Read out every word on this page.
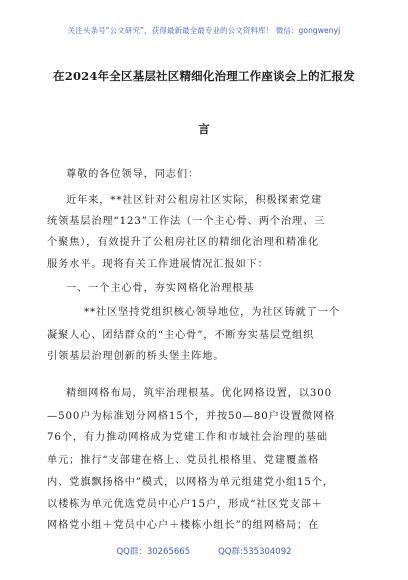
关注头条号“公文研究”，获得最新最全最专业的公文资料库！ 微信：gongwenyj
在2024年全区基层社区精细化治理工作座谈会上的汇报发
言
尊敬的各位领导，同志们：
近年来，**社区针对公租房社区实际，积极探索党建
统领基层治理“123”工作法（一个主心骨、两个治理、三
个聚焦），有效提升了公租房社区的精细化治理和精准化
服务水平。现将有关工作进展情况汇报如下：
一、一个主心骨，夯实网格化治理根基
**社区坚持党组织核心领导地位，为社区铸就了一个
凝聚人心、团结群众的“主心骨”，不断夯实基层党组织
引领基层治理创新的桥头堡主阵地。
精细网格布局，筑牢治理根基。优化网格设置，以300
—500户为标准划分网格15个，并按50—80户设置微网格
76个，有力推动网格成为党建工作和市域社会治理的基础
单元；推行“支部建在格上、党员扎根格里、党建覆盖格
内、党旗飘扬格中”模式，以网格为单元组建党小组15个，
以楼栋为单元优选党员中心户15户，形成“社区党支部＋
网格党小组＋党员中心户＋楼栋小组长”的组网格局；在
QQ群：30265665	QQ群:535304092
